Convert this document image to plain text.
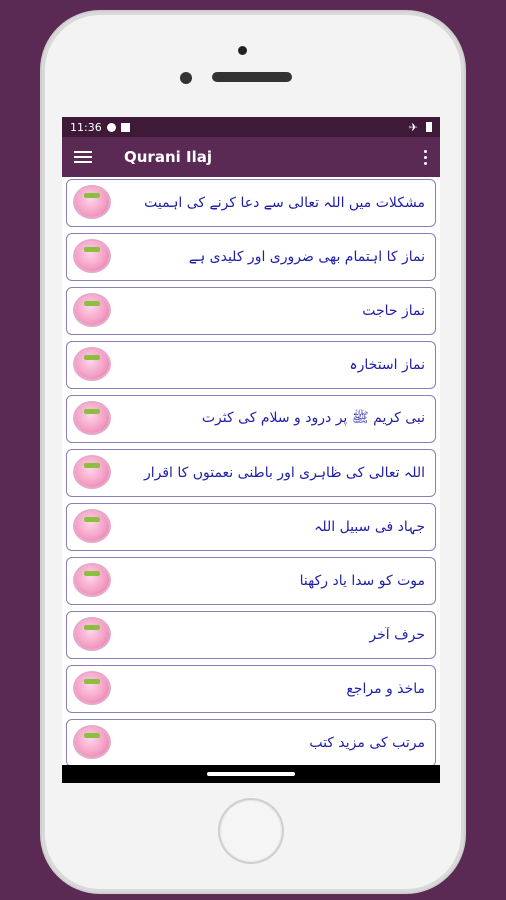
11:36	✈
Qurani Ilaj
مشکلات میں اللہ تعالی سے دعا کرنے کی اہمیت
نماز کا اہتمام بھی ضروری اور کلیدی ہے
نماز حاجت
نماز استخارہ
نبی کریم ﷺ پر درود و سلام کی کثرت
اللہ تعالی کی ظاہری اور باطنی نعمتوں کا اقرار
جہاد فی سبیل اللہ
موت کو سدا یاد رکھنا
حرف آخر
ماخذ و مراجع
مرتب کی مزید کتب
